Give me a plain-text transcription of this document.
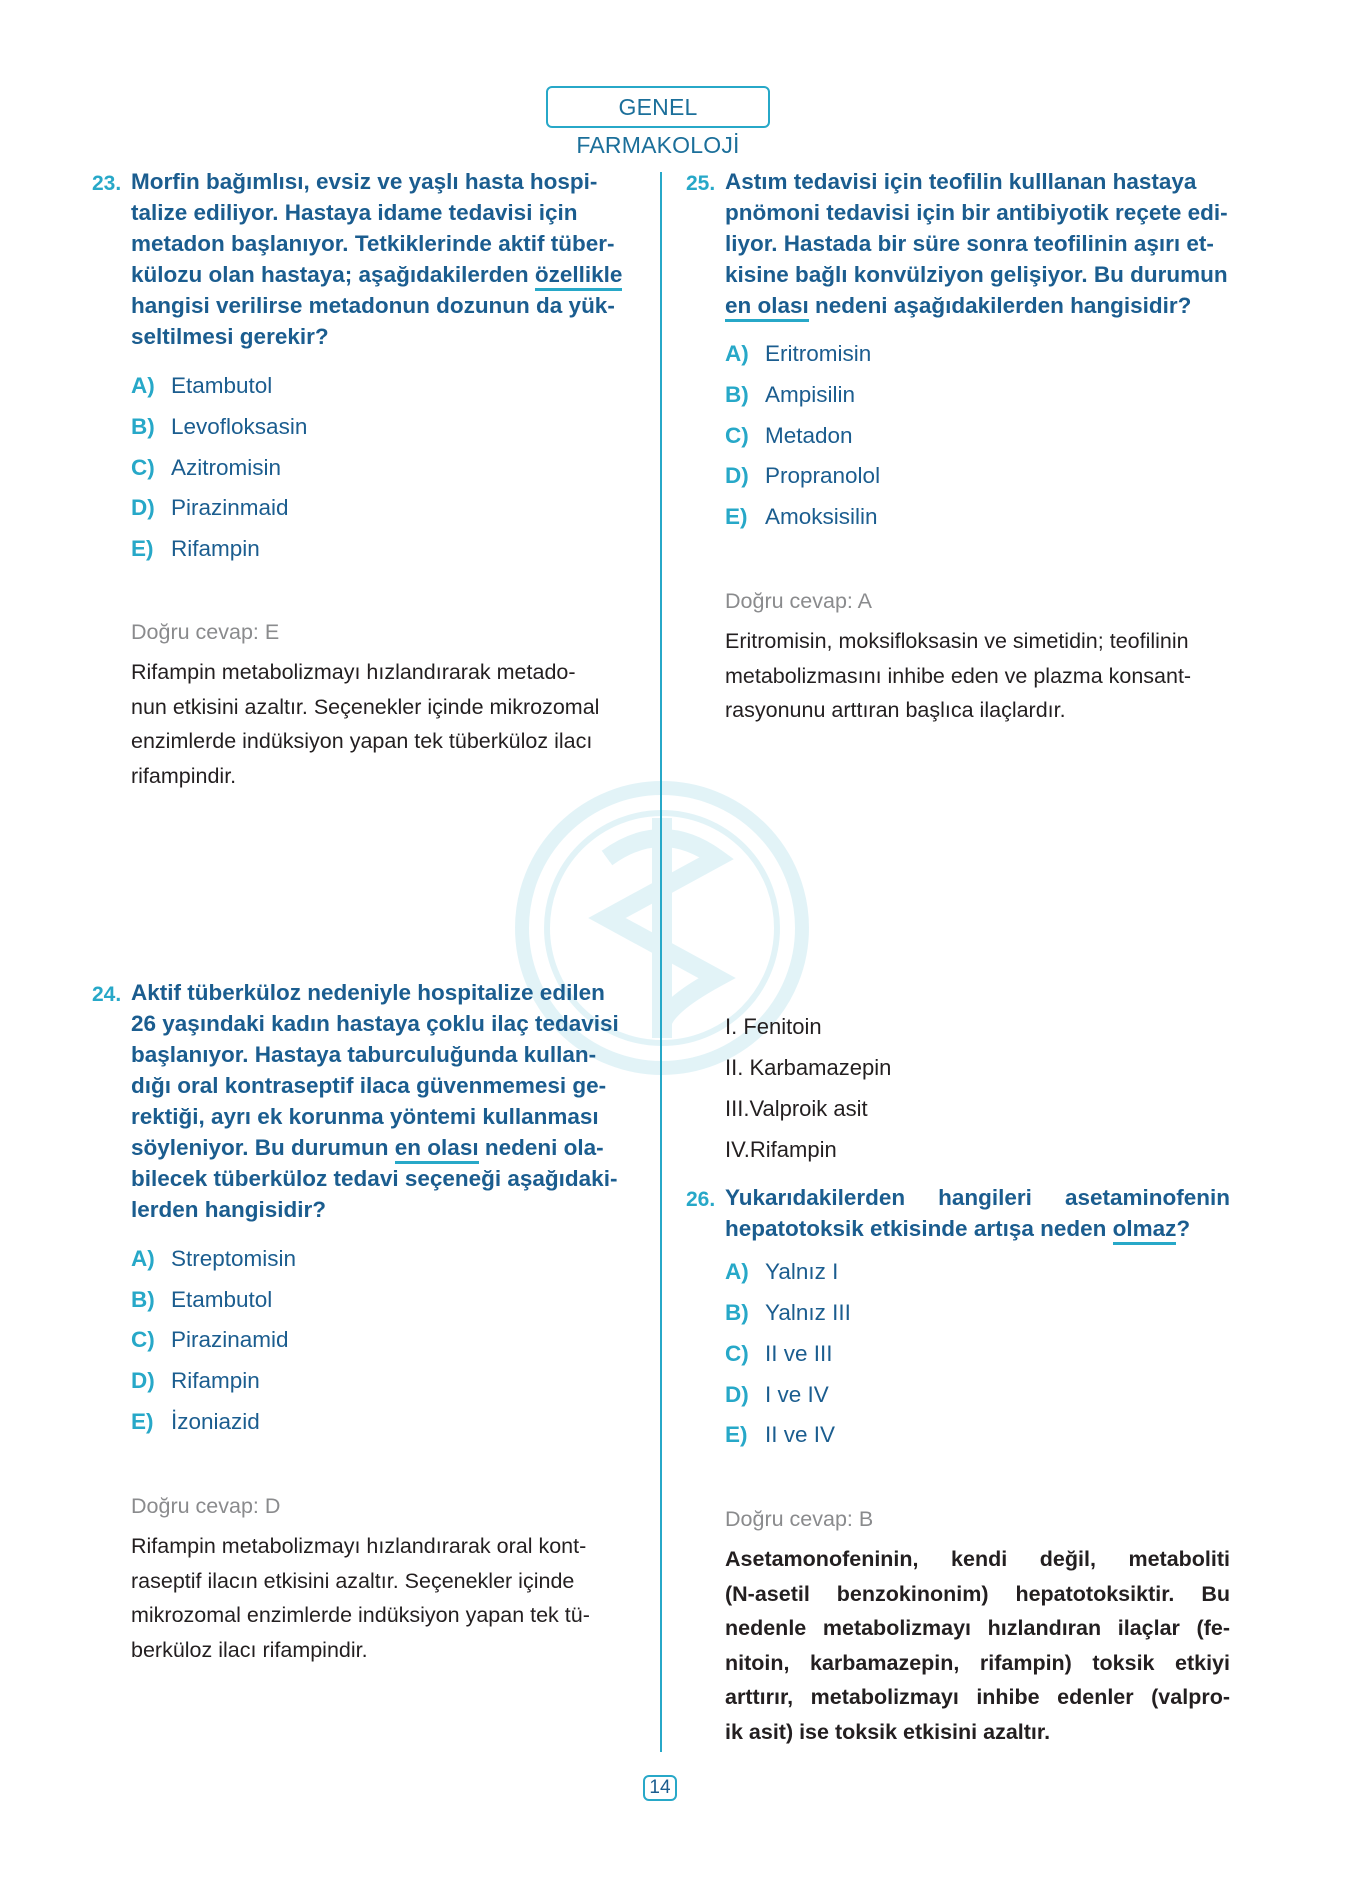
GENEL FARMAKOLOJİ
23. Morfin bağımlısı, evsiz ve yaşlı hasta hospi-
talize ediliyor. Hastaya idame tedavisi için
metadon başlanıyor. Tetkiklerinde aktif tüber-
külozu olan hastaya; aşağıdakilerden özellikle
hangisi verilirse metadonun dozunun da yük-
seltilmesi gerekir?
A) Etambutol
B) Levofloksasin
C) Azitromisin
D) Pirazinmaid
E) Rifampin
Doğru cevap: E
Rifampin metabolizmayı hızlandırarak metado-
nun etkisini azaltır. Seçenekler içinde mikrozomal
enzimlerde indüksiyon yapan tek tüberküloz ilacı
rifampindir.
25. Astım tedavisi için teofilin kulllanan hastaya
pnömoni tedavisi için bir antibiyotik reçete edi-
liyor. Hastada bir süre sonra teofilinin aşırı et-
kisine bağlı konvülziyon gelişiyor. Bu durumun
en olası nedeni aşağıdakilerden hangisidir?
A) Eritromisin
B) Ampisilin
C) Metadon
D) Propranolol
E) Amoksisilin
Doğru cevap: A
Eritromisin, moksifloksasin ve simetidin; teofilinin
metabolizmasını inhibe eden ve plazma konsant-
rasyonunu arttıran başlıca ilaçlardır.
24. Aktif tüberküloz nedeniyle hospitalize edilen
26 yaşındaki kadın hastaya çoklu ilaç tedavisi
başlanıyor. Hastaya taburculuğunda kullan-
dığı oral kontraseptif ilaca güvenmemesi ge-
rektiği, ayrı ek korunma yöntemi kullanması
söyleniyor. Bu durumun en olası nedeni ola-
bilecek tüberküloz tedavi seçeneği aşağıdaki-
lerden hangisidir?
A) Streptomisin
B) Etambutol
C) Pirazinamid
D) Rifampin
E) İzoniazid
Doğru cevap: D
Rifampin metabolizmayı hızlandırarak oral kont-
raseptif ilacın etkisini azaltır. Seçenekler içinde
mikrozomal enzimlerde indüksiyon yapan tek tü-
berküloz ilacı rifampindir.
I. Fenitoin
II. Karbamazepin
III.Valproik asit
IV.Rifampin
26. Yukarıdakilerden hangileri asetaminofenin
hepatotoksik etkisinde artışa neden olmaz?
A) Yalnız I
B) Yalnız III
C) II ve III
D) I ve IV
E) II ve IV
Doğru cevap: B
Asetamonofeninin, kendi değil, metaboliti
(N-asetil benzokinonim) hepatotoksiktir. Bu
nedenle metabolizmayı hızlandıran ilaçlar (fe-
nitoin, karbamazepin, rifampin) toksik etkiyi
arttırır, metabolizmayı inhibe edenler (valpro-
ik asit) ise toksik etkisini azaltır.
14
